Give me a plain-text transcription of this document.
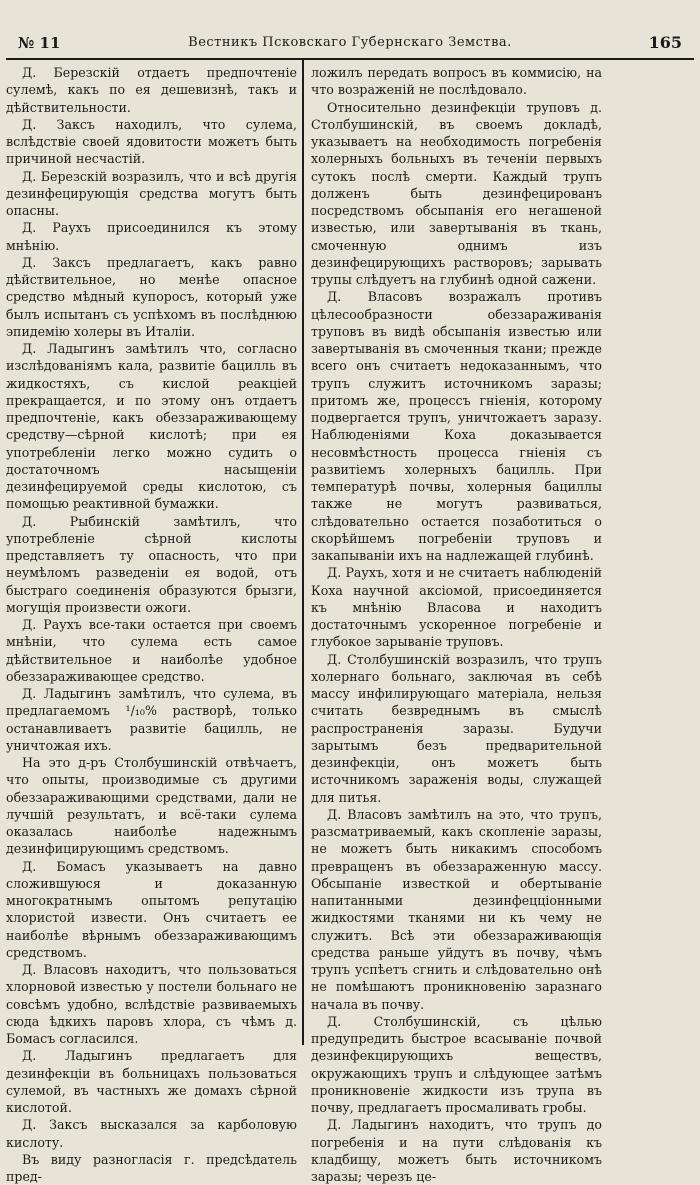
№ 11	Вестникъ Псковскаго Губернскаго Земства.	165

Д. Березскій отдаетъ предпочтеніе сулемѣ, какъ по ея дешевизнѣ, такъ и дѣйствительности.

Д. Заксъ находилъ, что сулема, вслѣдствіе своей ядовитости можетъ быть причиной несчастій.

Д. Березскій возразилъ, что и всѣ другія дезинфецирующія средства могутъ быть опасны.

Д. Раухъ присоединился къ этому мнѣнію.

Д. Заксъ предлагаетъ, какъ равно дѣйствительное, но менѣе опасное средство мѣдный купоросъ, который уже былъ испытанъ съ успѣхомъ въ послѣднюю эпидемію холеры въ Италіи.

Д. Ладыгинъ замѣтилъ что, согласно изслѣдованіямъ кала, развитіе бацилль въ жидкостяхъ, съ кислой реакціей прекращается, и по этому онъ отдаетъ предпочтеніе, какъ обеззараживающему средству—сѣрной кислотѣ; при ея употребленіи легко можно судить о достаточномъ насыщеніи дезинфецируемой среды кислотою, съ помощью реактивной бумажки.

Д. Рыбинскій замѣтилъ, что употребленіе сѣрной кислоты представляетъ ту опасность, что при неумѣломъ разведеніи ея водой, отъ быстраго соединенія образуются брызги, могущія произвести ожоги.

Д. Раухъ все-таки остается при своемъ мнѣніи, что сулема есть самое дѣйствительное и наиболѣе удобное обеззараживающее средство.

Д. Ладыгинъ замѣтилъ, что сулема, въ предлагаемомъ ¹/₁₀% растворѣ, только останавливаетъ развитіе бацилль, не уничтожая ихъ.

На это д-ръ Столбушинскій отвѣчаетъ, что опыты, производимые съ другими обеззараживающими средствами, дали не лучшій результатъ, и всё-таки сулема оказалась наиболѣе надежнымъ дезинфицирующимъ средствомъ.

Д. Бомасъ указываетъ на давно сложившуюся и доказанную многократнымъ опытомъ репутацію хлористой извести. Онъ считаетъ ее наиболѣе вѣрнымъ обеззараживающимъ средствомъ.

Д. Власовъ находитъ, что пользоваться хлорновой известью у постели больнаго не совсѣмъ удобно, вслѣдствіе развиваемыхъ сюда ѣдкихъ паровъ хлора, съ чѣмъ д. Бомасъ согласился.

Д. Ладыгинъ предлагаетъ для дезинфекціи въ больницахъ пользоваться сулемой, въ частныхъ же домахъ сѣрной кислотой.

Д. Заксъ высказался за карболовую кислоту.

Въ виду разногласія г. предсѣдатель пред-

ложилъ передать вопросъ въ коммисію, на что возраженій не послѣдовало.

Относительно дезинфекціи труповъ д. Столбушинскій, въ своемъ докладѣ, указываетъ на необходимость погребенія холерныхъ больныхъ въ теченіи первыхъ сутокъ послѣ смерти. Каждый трупъ долженъ быть дезинфецированъ посредствомъ обсыпанія его негашеной известью, или завертыванія въ ткань, смоченную однимъ изъ дезинфецирующихъ растворовъ; зарывать трупы слѣдуетъ на глубинѣ одной сажени.

Д. Власовъ возражалъ противъ цѣлесообразности обеззараживанія труповъ въ видѣ обсыпанія известью или завертыванія въ смоченныя ткани; прежде всего онъ считаетъ недоказаннымъ, что трупъ служитъ источникомъ заразы; притомъ же, процессъ гніенія, которому подвергается трупъ, уничтожаетъ заразу. Наблюденіями Коха доказывается несовмѣстность процесса гніенія съ развитіемъ холерныхъ бацилль. При температурѣ почвы, холерныя бациллы также не могутъ развиваться, слѣдовательно остается позаботиться о скорѣйшемъ погребеніи труповъ и закапываніи ихъ на надлежащей глубинѣ.

Д. Раухъ, хотя и не считаетъ наблюденій Коха научной аксіомой, присоединяется къ мнѣнію Власова и находитъ достаточнымъ ускоренное погребеніе и глубокое зарываніе труповъ.

Д. Столбушинскій возразилъ, что трупъ холернаго больнаго, заключая въ себѣ массу инфилирующаго матеріала, нельзя считать безвреднымъ въ смыслѣ распространенія заразы. Будучи зарытымъ безъ предварительной дезинфекціи, онъ можетъ быть источникомъ зараженія воды, служащей для питья.

Д. Власовъ замѣтилъ на это, что трупъ, разсматриваемый, какъ скопленіе заразы, не можетъ быть никакимъ способомъ превращенъ въ обеззараженную массу. Обсыпаніе известкой и обертываніе напитанными дезинфецціонными жидкостями тканями ни къ чему не служитъ. Всѣ эти обеззараживающія средства раньше уйдутъ въ почву, чѣмъ трупъ успѣетъ сгнить и слѣдовательно онѣ не помѣшаютъ проникновенію заразнаго начала въ почву.

Д. Столбушинскій, съ цѣлью предупредить быстрое всасываніе почвой дезинфекцирующихъ веществъ, окружающихъ трупъ и слѣдующее затѣмъ проникновеніе жидкости изъ трупа въ почву, предлагаетъ просмаливать гробы.

Д. Ладыгинъ находитъ, что трупъ до погребенія и на пути слѣдованія къ кладбищу, можетъ быть источникомъ заразы; черезъ це-
